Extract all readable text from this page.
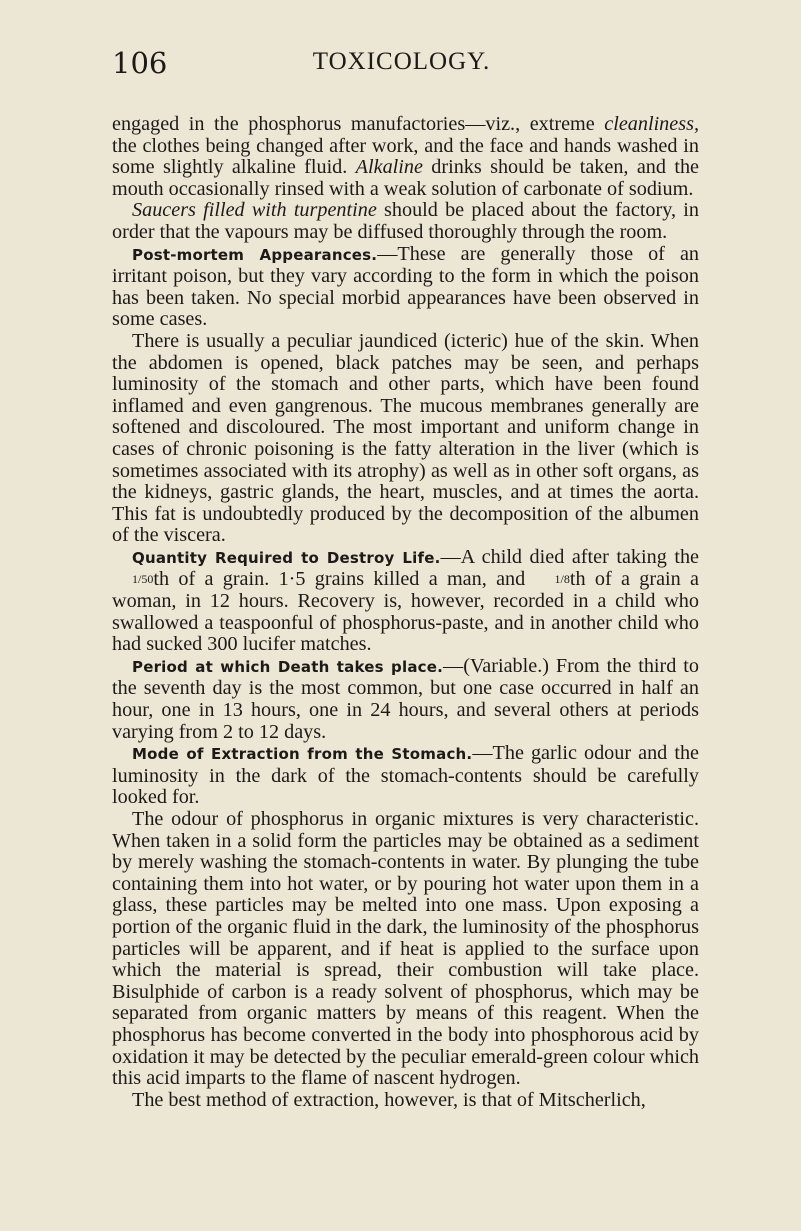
106	TOXICOLOGY.

engaged in the phosphorus manufactories—viz., extreme cleanliness, the clothes being changed after work, and the face and hands washed in some slightly alkaline fluid. Alkaline drinks should be taken, and the mouth occasionally rinsed with a weak solution of carbonate of sodium.

Saucers filled with turpentine should be placed about the factory, in order that the vapours may be diffused thoroughly through the room.

Post-mortem Appearances.—These are generally those of an irritant poison, but they vary according to the form in which the poison has been taken. No special morbid appearances have been observed in some cases.

There is usually a peculiar jaundiced (icteric) hue of the skin. When the abdomen is opened, black patches may be seen, and perhaps luminosity of the stomach and other parts, which have been found inflamed and even gangrenous. The mucous membranes generally are softened and discoloured. The most important and uniform change in cases of chronic poisoning is the fatty alteration in the liver (which is sometimes associated with its atrophy) as well as in other soft organs, as the kidneys, gastric glands, the heart, muscles, and at times the aorta. This fat is undoubtedly produced by the decomposition of the albumen of the viscera.

Quantity Required to Destroy Life.—A child died after taking the 1/50th of a grain. 1·5 grains killed a man, and 1/8th of a grain a woman, in 12 hours. Recovery is, however, recorded in a child who swallowed a teaspoonful of phosphorus-paste, and in another child who had sucked 300 lucifer matches.

Period at which Death takes place.—(Variable.) From the third to the seventh day is the most common, but one case occurred in half an hour, one in 13 hours, one in 24 hours, and several others at periods varying from 2 to 12 days.

Mode of Extraction from the Stomach.—The garlic odour and the luminosity in the dark of the stomach-contents should be carefully looked for.

The odour of phosphorus in organic mixtures is very characteristic. When taken in a solid form the particles may be obtained as a sediment by merely washing the stomach-contents in water. By plunging the tube containing them into hot water, or by pouring hot water upon them in a glass, these particles may be melted into one mass. Upon exposing a portion of the organic fluid in the dark, the luminosity of the phosphorus particles will be apparent, and if heat is applied to the surface upon which the material is spread, their combustion will take place. Bisulphide of carbon is a ready solvent of phosphorus, which may be separated from organic matters by means of this reagent. When the phosphorus has become converted in the body into phosphorous acid by oxidation it may be detected by the peculiar emerald-green colour which this acid imparts to the flame of nascent hydrogen.

The best method of extraction, however, is that of Mitscherlich,
